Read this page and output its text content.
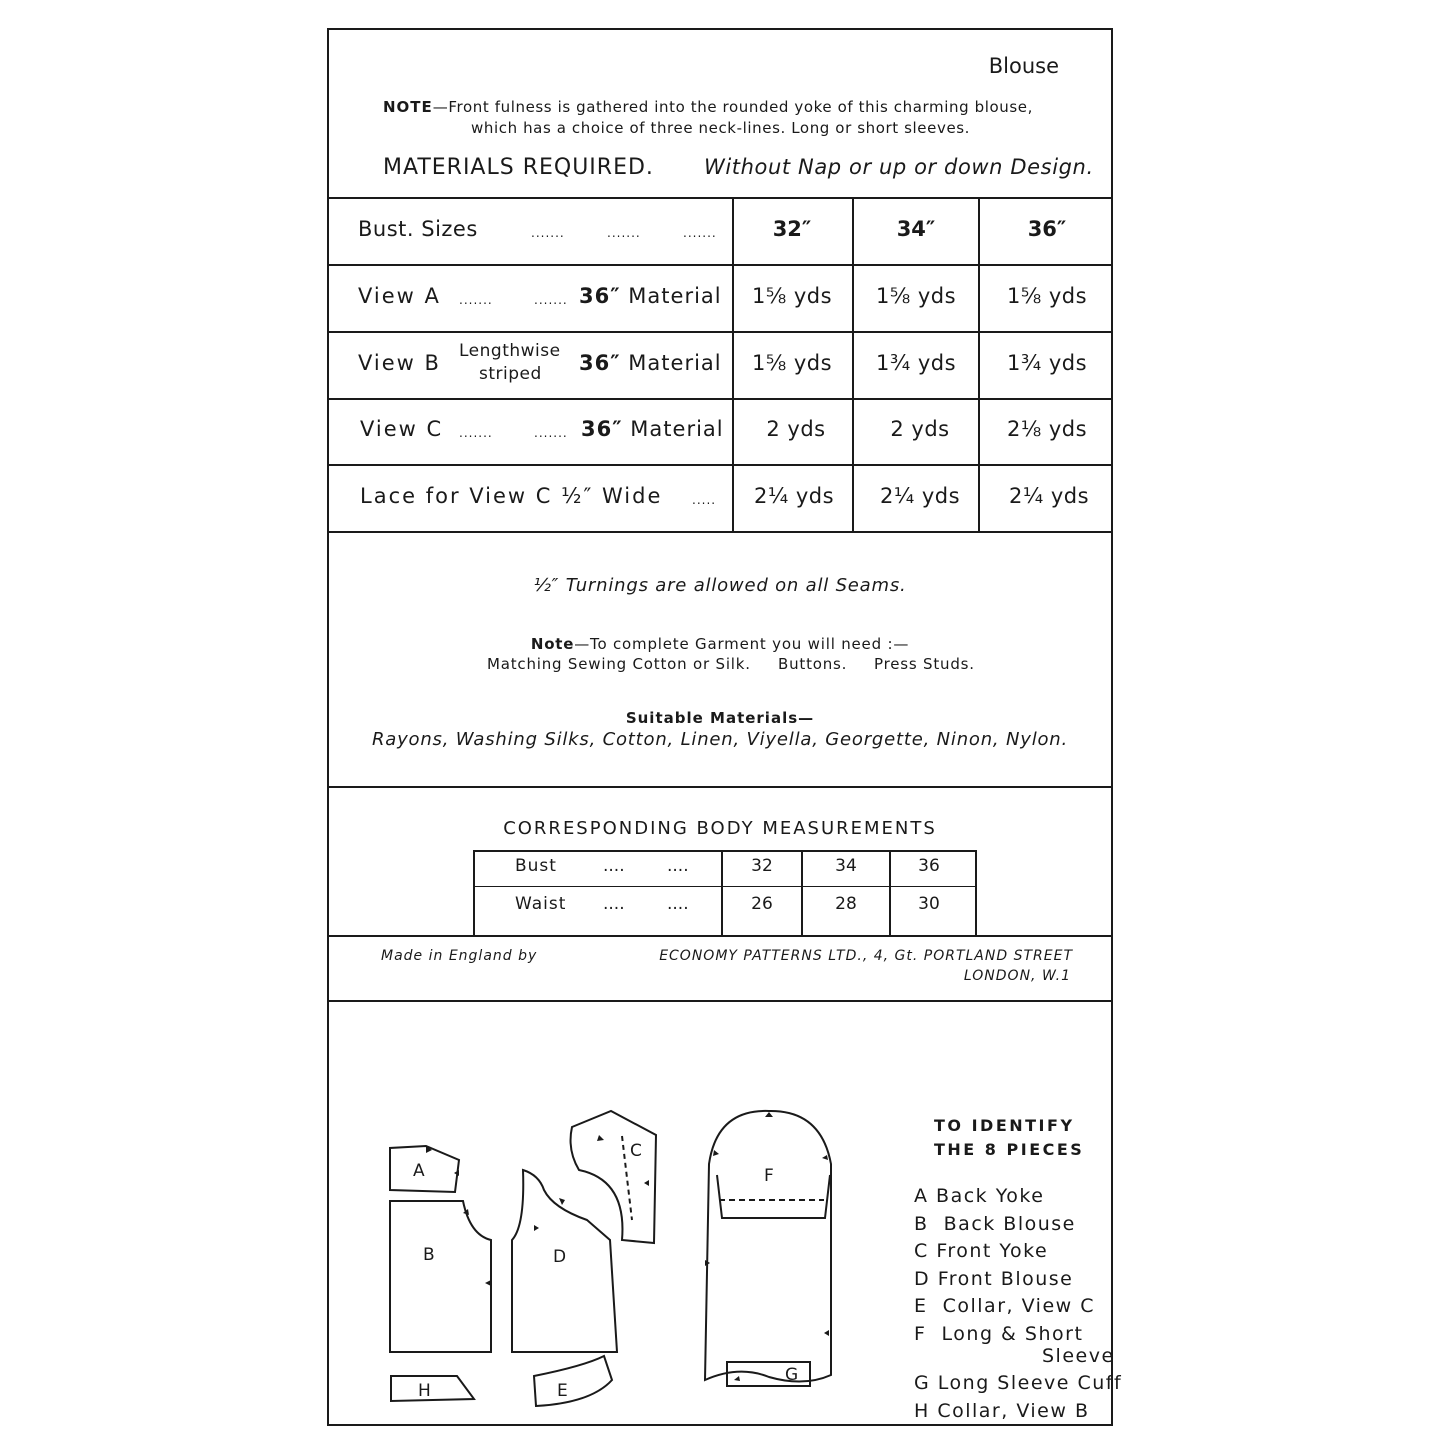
Blouse
NOTE—Front fulness is gathered into the rounded yoke of this charming blouse,
which has a choice of three neck-lines. Long or short sleeves.
MATERIALS REQUIRED. Without Nap or up or down Design.
Bust. Sizes	.......	.......	.......	32″	34″	36″
View A .......	....... 36″ Material	1⅝ yds	1⅝ yds	1⅝ yds
View B Lengthwise
striped 36″ Material	1⅝ yds	1¾ yds	1¾ yds
View C .......	....... 36″ Material	2 yds	2 yds	2⅛ yds
Lace for View C ½″ Wide .....	2¼ yds	2¼ yds	2¼ yds
½″ Turnings are allowed on all Seams.
Note—To complete Garment you will need :—
Matching Sewing Cotton or Silk. Buttons. Press Studs.
Suitable Materials—
Rayons, Washing Silks, Cotton, Linen, Viyella, Georgette, Ninon, Nylon.
CORRESPONDING BODY MEASUREMENTS
Bust	.... ....	32	34	36
Waist .... ....	26	28	30
Made in England by	ECONOMY PATTERNS LTD., 4, Gt. PORTLAND STREET
LONDON, W.1
TO IDENTIFY
THE 8 PIECES
A Back Yoke
B Back Blouse
C Front Yoke
D Front Blouse
E Collar, View C
F Long & Short
Sleeve
G Long Sleeve Cuff
H Collar, View B
A
B
C
D
E
F
G
H
